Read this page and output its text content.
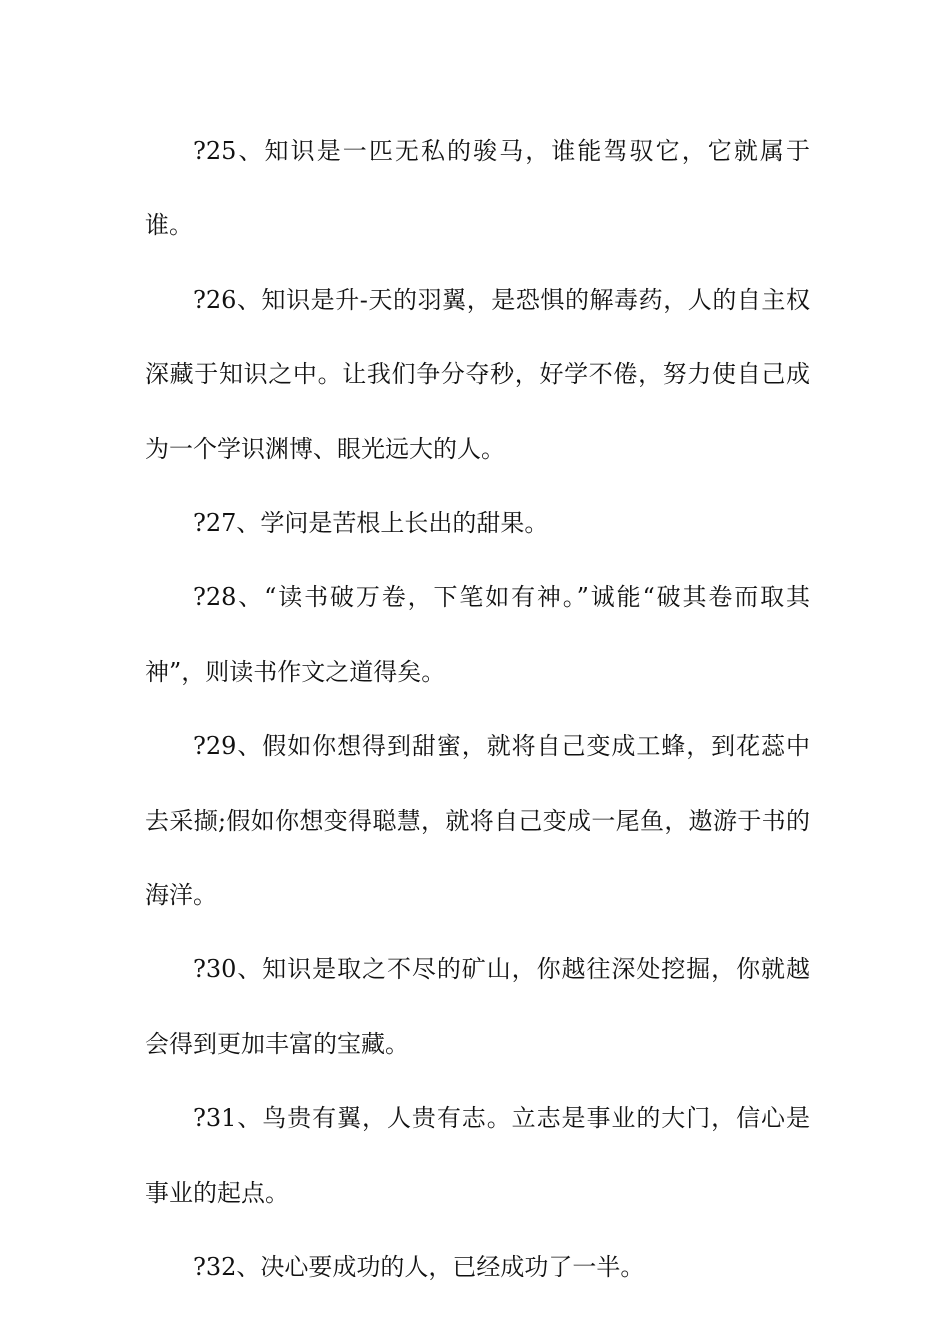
?25、知识是一匹无私的骏马，谁能驾驭它，它就属于谁。

?26、知识是升-天的羽翼，是恐惧的解毒药，人的自主权深藏于知识之中。让我们争分夺秒，好学不倦，努力使自己成为一个学识渊博、眼光远大的人。

?27、学问是苦根上长出的甜果。

?28、“读书破万卷，下笔如有神。”诚能“破其卷而取其神”，则读书作文之道得矣。

?29、假如你想得到甜蜜，就将自己变成工蜂，到花蕊中去采撷;假如你想变得聪慧，就将自己变成一尾鱼，遨游于书的海洋。

?30、知识是取之不尽的矿山，你越往深处挖掘，你就越会得到更加丰富的宝藏。

?31、鸟贵有翼，人贵有志。立志是事业的大门，信心是事业的起点。

?32、决心要成功的人，已经成功了一半。
